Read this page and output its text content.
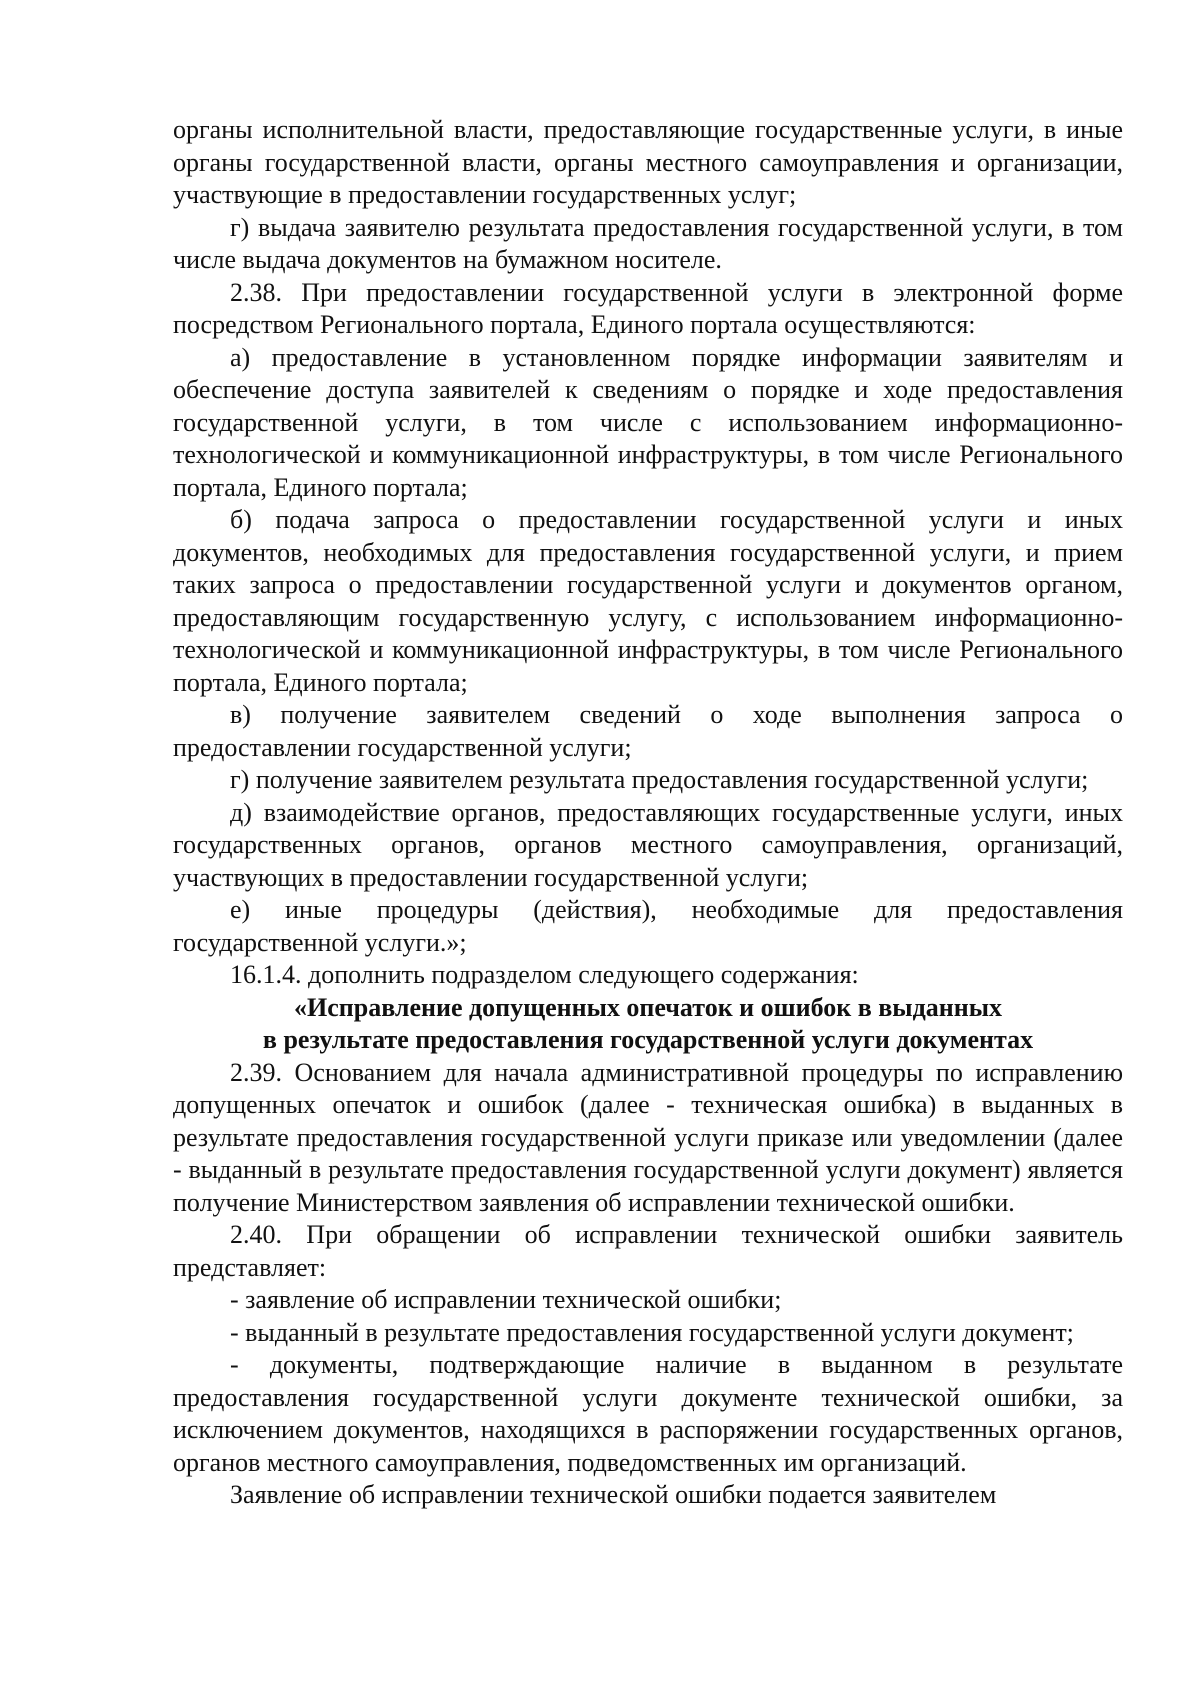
органы исполнительной власти, предоставляющие государственные услуги, в иные органы государственной власти, органы местного самоуправления и организации, участвующие в предоставлении государственных услуг;

г) выдача заявителю результата предоставления государственной услуги, в том числе выдача документов на бумажном носителе.

2.38. При предоставлении государственной услуги в электронной форме посредством Регионального портала, Единого портала осуществляются:

а) предоставление в установленном порядке информации заявителям и обеспечение доступа заявителей к сведениям о порядке и ходе предоставления государственной услуги, в том числе с использованием информационно-технологической и коммуникационной инфраструктуры, в том числе Регионального портала, Единого портала;

б) подача запроса о предоставлении государственной услуги и иных документов, необходимых для предоставления государственной услуги, и прием таких запроса о предоставлении государственной услуги и документов органом, предоставляющим государственную услугу, с использованием информационно-технологической и коммуникационной инфраструктуры, в том числе Регионального портала, Единого портала;

в) получение заявителем сведений о ходе выполнения запроса о предоставлении государственной услуги;

г) получение заявителем результата предоставления государственной услуги;

д) взаимодействие органов, предоставляющих государственные услуги, иных государственных органов, органов местного самоуправления, организаций, участвующих в предоставлении государственной услуги;

е) иные процедуры (действия), необходимые для предоставления государственной услуги.»;

16.1.4. дополнить подразделом следующего содержания:

«Исправление допущенных опечаток и ошибок в выданных
в результате предоставления государственной услуги документах

2.39. Основанием для начала административной процедуры по исправлению допущенных опечаток и ошибок (далее - техническая ошибка) в выданных в результате предоставления государственной услуги приказе или уведомлении (далее - выданный в результате предоставления государственной услуги документ) является получение Министерством заявления об исправлении технической ошибки.

2.40. При обращении об исправлении технической ошибки заявитель представляет:

- заявление об исправлении технической ошибки;

- выданный в результате предоставления государственной услуги документ;

- документы, подтверждающие наличие в выданном в результате предоставления государственной услуги документе технической ошибки, за исключением документов, находящихся в распоряжении государственных органов, органов местного самоуправления, подведомственных им организаций.

Заявление об исправлении технической ошибки подается заявителем
